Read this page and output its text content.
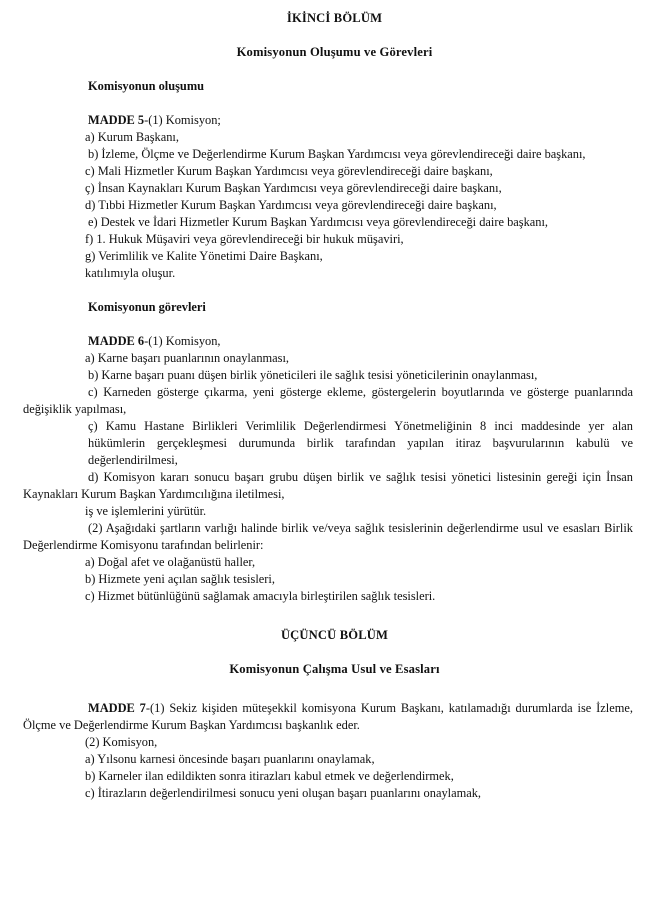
İKİNCİ BÖLÜM
Komisyonun Oluşumu ve Görevleri
Komisyonun oluşumu

MADDE 5-(1) Komisyon;

a) Kurum Başkanı,

b) İzleme, Ölçme ve Değerlendirme Kurum Başkan Yardımcısı veya görevlendireceği daire başkanı,

c) Mali Hizmetler Kurum Başkan Yardımcısı veya görevlendireceği daire başkanı,

ç) İnsan Kaynakları Kurum Başkan Yardımcısı veya görevlendireceği daire başkanı,

d) Tıbbi Hizmetler Kurum Başkan Yardımcısı veya görevlendireceği daire başkanı,

e) Destek ve İdari Hizmetler Kurum Başkan Yardımcısı veya görevlendireceği daire başkanı,

f) 1. Hukuk Müşaviri veya görevlendireceği bir hukuk müşaviri,

g) Verimlilik ve Kalite Yönetimi Daire Başkanı,

katılımıyla oluşur.

Komisyonun görevleri

MADDE 6-(1) Komisyon,

a) Karne başarı puanlarının onaylanması,

b) Karne başarı puanı düşen birlik yöneticileri ile sağlık tesisi yöneticilerinin onaylanması,

c) Karneden gösterge çıkarma, yeni gösterge ekleme, göstergelerin boyutlarında ve gösterge puanlarında değişiklik yapılması,

ç) Kamu Hastane Birlikleri Verimlilik Değerlendirmesi Yönetmeliğinin 8 inci maddesinde yer alan hükümlerin gerçekleşmesi durumunda birlik tarafından yapılan itiraz başvurularının kabulü ve değerlendirilmesi,

d) Komisyon kararı sonucu başarı grubu düşen birlik ve sağlık tesisi yönetici listesinin gereği için İnsan Kaynakları Kurum Başkan Yardımcılığına iletilmesi,

iş ve işlemlerini yürütür.

(2) Aşağıdaki şartların varlığı halinde birlik ve/veya sağlık tesislerinin değerlendirme usul ve esasları Birlik Değerlendirme Komisyonu tarafından belirlenir:

a) Doğal afet ve olağanüstü haller,

b) Hizmete yeni açılan sağlık tesisleri,

c) Hizmet bütünlüğünü sağlamak amacıyla birleştirilen sağlık tesisleri.

ÜÇÜNCÜ BÖLÜM
Komisyonun Çalışma Usul ve Esasları

MADDE 7-(1) Sekiz kişiden müteşekkil komisyona Kurum Başkanı, katılamadığı durumlarda ise İzleme, Ölçme ve Değerlendirme Kurum Başkan Yardımcısı başkanlık eder.

(2) Komisyon,

a) Yılsonu karnesi öncesinde başarı puanlarını onaylamak,

b) Karneler ilan edildikten sonra itirazları kabul etmek ve değerlendirmek,

c) İtirazların değerlendirilmesi sonucu yeni oluşan başarı puanlarını onaylamak,
